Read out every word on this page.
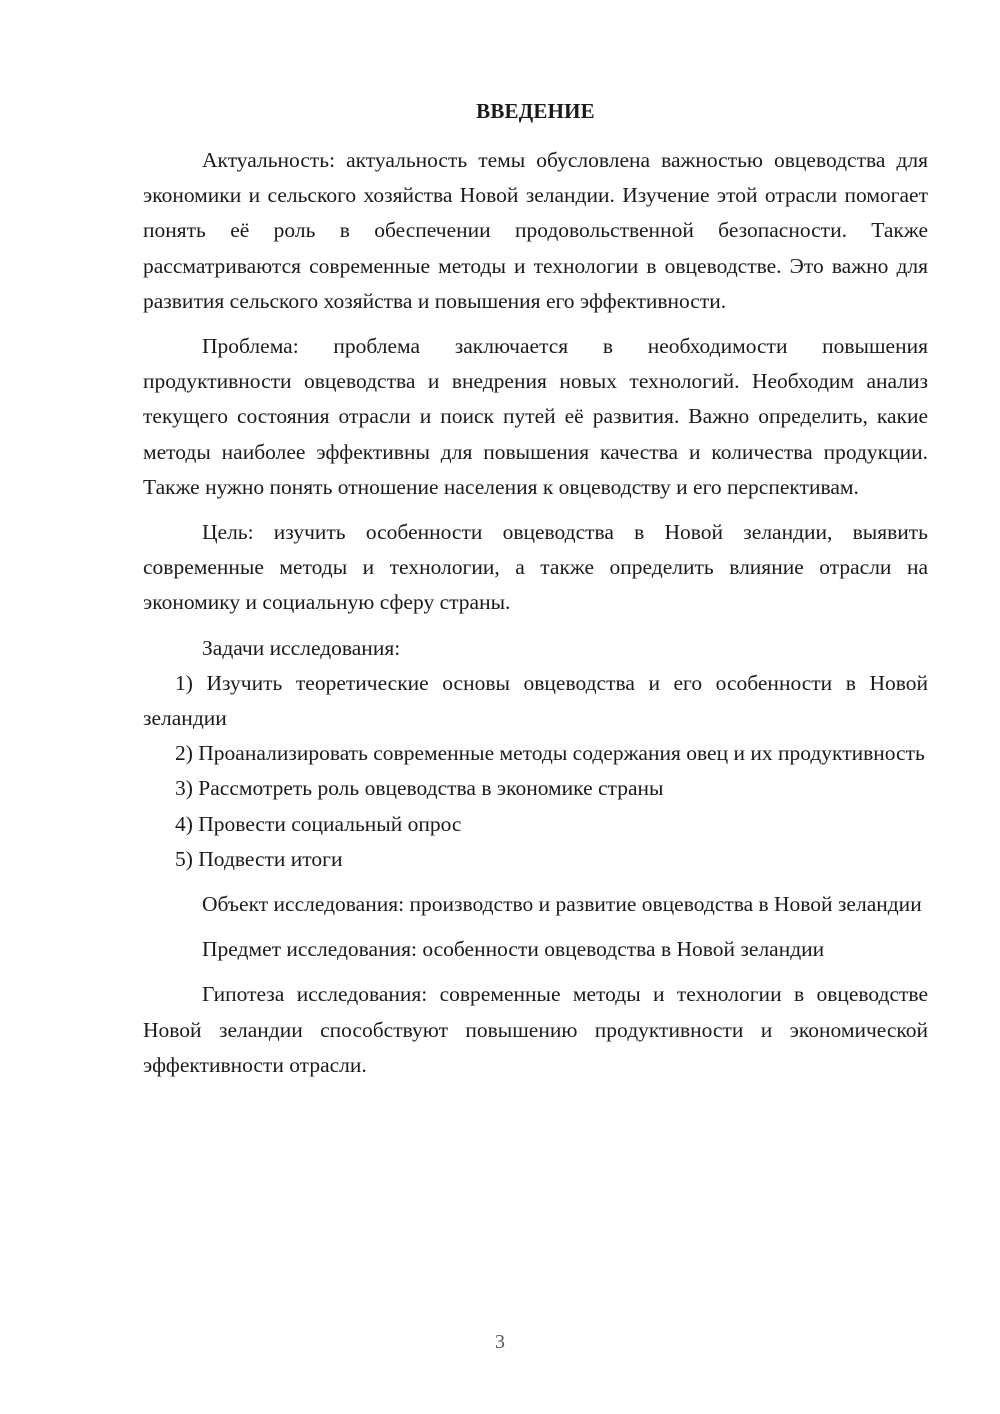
ВВЕДЕНИЕ

Актуальность: актуальность темы обусловлена важностью овцеводства для экономики и сельского хозяйства Новой зеландии. Изучение этой отрасли помогает понять её роль в обеспечении продовольственной безопасности. Также рассматриваются современные методы и технологии в овцеводстве. Это важно для развития сельского хозяйства и повышения его эффективности.

Проблема: проблема заключается в необходимости повышения продуктивности овцеводства и внедрения новых технологий. Необходим анализ текущего состояния отрасли и поиск путей её развития. Важно определить, какие методы наиболее эффективны для повышения качества и количества продукции. Также нужно понять отношение населения к овцеводству и его перспективам.

Цель: изучить особенности овцеводства в Новой зеландии, выявить современные методы и технологии, а также определить влияние отрасли на экономику и социальную сферу страны.

Задачи исследования:

1) Изучить теоретические основы овцеводства и его особенности в Новой зеландии

2) Проанализировать современные методы содержания овец и их продуктивность

3) Рассмотреть роль овцеводства в экономике страны

4) Провести социальный опрос

5) Подвести итоги

Объект исследования: производство и развитие овцеводства в Новой зеландии

Предмет исследования: особенности овцеводства в Новой зеландии

Гипотеза исследования: современные методы и технологии в овцеводстве Новой зеландии способствуют повышению продуктивности и экономической эффективности отрасли.

3
